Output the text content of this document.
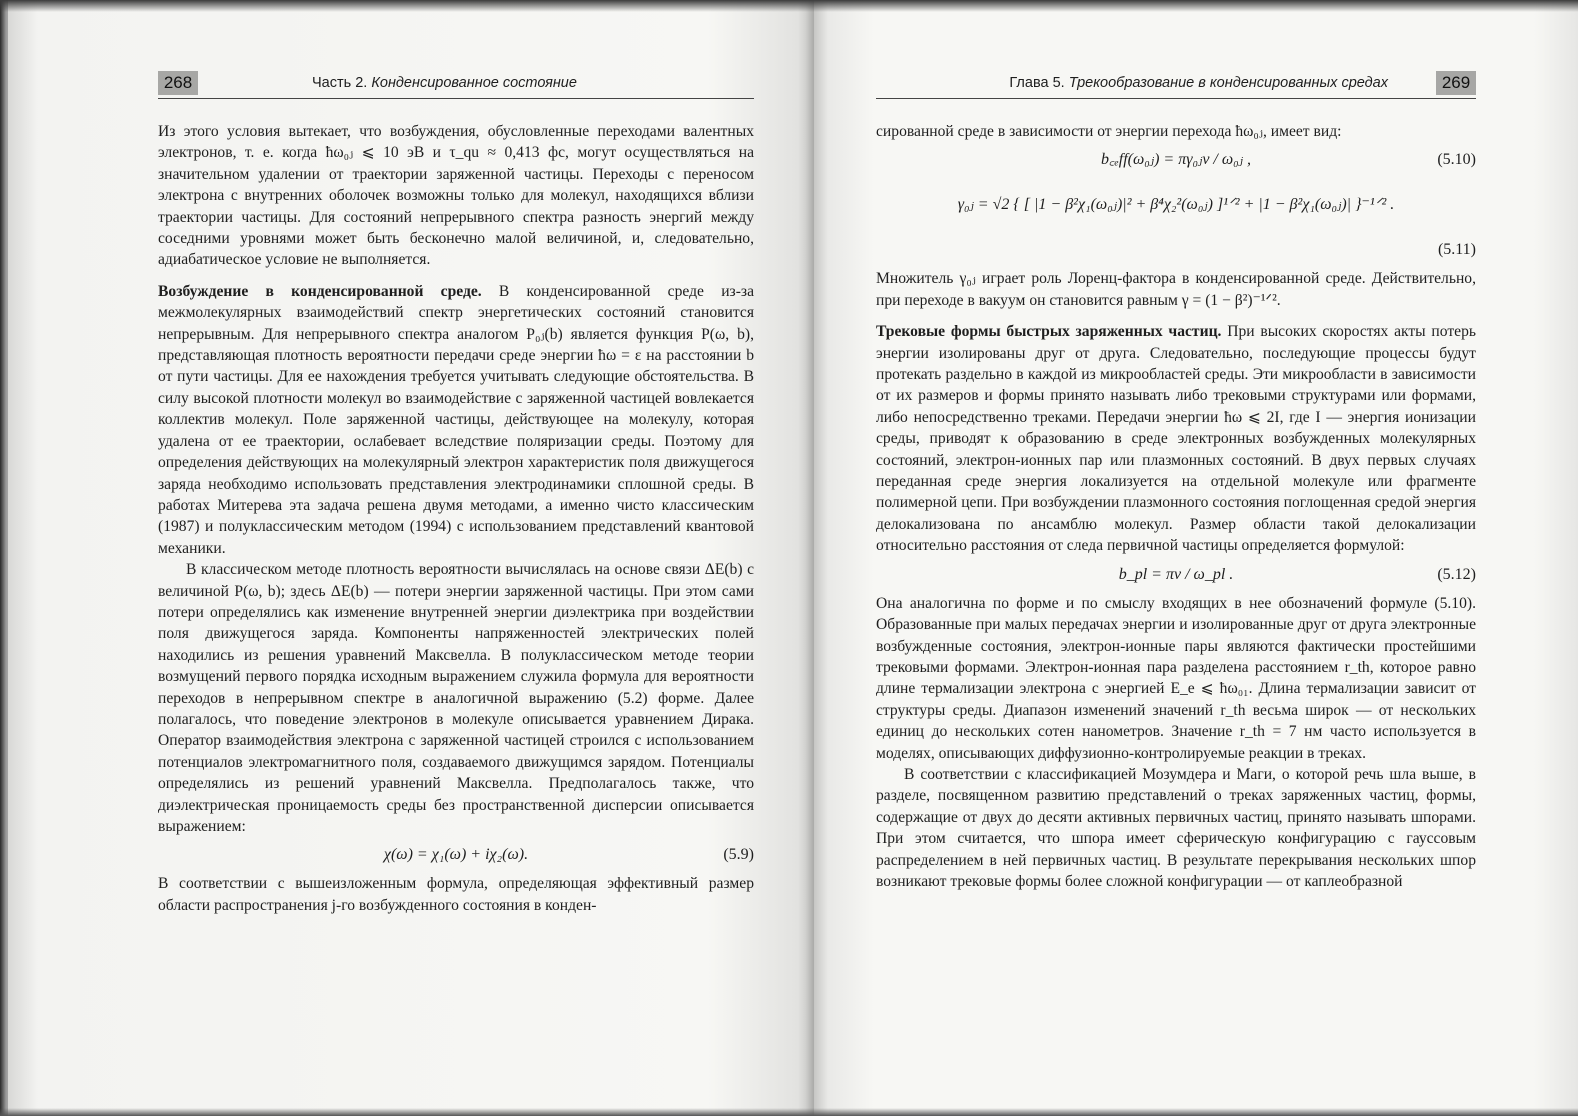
268	Часть 2. Конденсированное состояние

Из этого условия вытекает, что возбуждения, обусловленные переходами валентных электронов, т. е. когда ħω₀ⱼ ⩽ 10 эВ и τ_qu ≈ 0,413 фс, могут осуществляться на значительном удалении от траектории заряженной частицы. Переходы с переносом электрона с внутренних оболочек возможны только для молекул, находящихся вблизи траектории частицы. Для состояний непрерывного спектра разность энергий между соседними уровнями может быть бесконечно малой величиной, и, следовательно, адиабатическое условие не выполняется.

Возбуждение в конденсированной среде. В конденсированной среде из-за межмолекулярных взаимодействий спектр энергетических состояний становится непрерывным. Для непрерывного спектра аналогом P₀ⱼ(b) является функция P(ω, b), представляющая плотность вероятности передачи среде энергии ħω = ε на расстоянии b от пути частицы. Для ее нахождения требуется учитывать следующие обстоятельства. В силу высокой плотности молекул во взаимодействие с заряженной частицей вовлекается коллектив молекул. Поле заряженной частицы, действующее на молекулу, которая удалена от ее траектории, ослабевает вследствие поляризации среды. Поэтому для определения действующих на молекулярный электрон характеристик поля движущегося заряда необходимо использовать представления электродинамики сплошной среды. В работах Митерева эта задача решена двумя методами, а именно чисто классическим (1987) и полуклассическим методом (1994) с использованием представлений квантовой механики.

В классическом методе плотность вероятности вычислялась на основе связи ΔE(b) с величиной P(ω, b); здесь ΔE(b) — потери энергии заряженной частицы. При этом сами потери определялись как изменение внутренней энергии диэлектрика при воздействии поля движущегося заряда. Компоненты напряженностей электрических полей находились из решения уравнений Максвелла. В полуклассическом методе теории возмущений первого порядка исходным выражением служила формула для вероятности переходов в непрерывном спектре в аналогичной выражению (5.2) форме. Далее полагалось, что поведение электронов в молекуле описывается уравнением Дирака. Оператор взаимодействия электрона с заряженной частицей строился с использованием потенциалов электромагнитного поля, создаваемого движущимся зарядом. Потенциалы определялись из решений уравнений Максвелла. Предполагалось также, что диэлектрическая проницаемость среды без пространственной дисперсии описывается выражением:

χ(ω) = χ₁(ω) + iχ₂(ω).	(5.9)

В соответствии с вышеизложенным формула, определяющая эффективный размер области распространения j-го возбужденного состояния в конден-

Глава 5. Трекообразование в конденсированных средах	269

сированной среде в зависимости от энергии перехода ħω₀ⱼ, имеет вид:

b꜀ₑff(ω₀ⱼ) = πγ₀ⱼv / ω₀ⱼ ,	(5.10)
γ₀ⱼ = √2 { [ |1 − β²χ₁(ω₀ⱼ)|² + β⁴χ₂²(ω₀ⱼ) ]¹ᐟ² + |1 − β²χ₁(ω₀ⱼ)| }⁻¹ᐟ² .
(5.11)

Множитель γ₀ⱼ играет роль Лоренц-фактора в конденсированной среде. Действительно, при переходе в вакуум он становится равным γ = (1 − β²)⁻¹ᐟ².

Трековые формы быстрых заряженных частиц. При высоких скоростях акты потерь энергии изолированы друг от друга. Следовательно, последующие процессы будут протекать раздельно в каждой из микрообластей среды. Эти микрообласти в зависимости от их размеров и формы принято называть либо трековыми структурами или формами, либо непосредственно треками. Передачи энергии ħω ⩽ 2I, где I — энергия ионизации среды, приводят к образованию в среде электронных возбужденных молекулярных состояний, электрон-ионных пар или плазмонных состояний. В двух первых случаях переданная среде энергия локализуется на отдельной молекуле или фрагменте полимерной цепи. При возбуждении плазмонного состояния поглощенная средой энергия делокализована по ансамблю молекул. Размер области такой делокализации относительно расстояния от следа первичной частицы определяется формулой:

b_pl = πv / ω_pl .	(5.12)

Она аналогична по форме и по смыслу входящих в нее обозначений формуле (5.10). Образованные при малых передачах энергии и изолированные друг от друга электронные возбужденные состояния, электрон-ионные пары являются фактически простейшими трековыми формами. Электрон-ионная пара разделена расстоянием r_th, которое равно длине термализации электрона с энергией E_e ⩽ ħω₀₁. Длина термализации зависит от структуры среды. Диапазон изменений значений r_th весьма широк — от нескольких единиц до нескольких сотен нанометров. Значение r_th = 7 нм часто используется в моделях, описывающих диффузионно-контролируемые реакции в треках.

В соответствии с классификацией Мозумдера и Маги, о которой речь шла выше, в разделе, посвященном развитию представлений о треках заряженных частиц, формы, содержащие от двух до десяти активных первичных частиц, принято называть шпорами. При этом считается, что шпора имеет сферическую конфигурацию с гауссовым распределением в ней первичных частиц. В результате перекрывания нескольких шпор возникают трековые формы более сложной конфигурации — от каплеобразной
